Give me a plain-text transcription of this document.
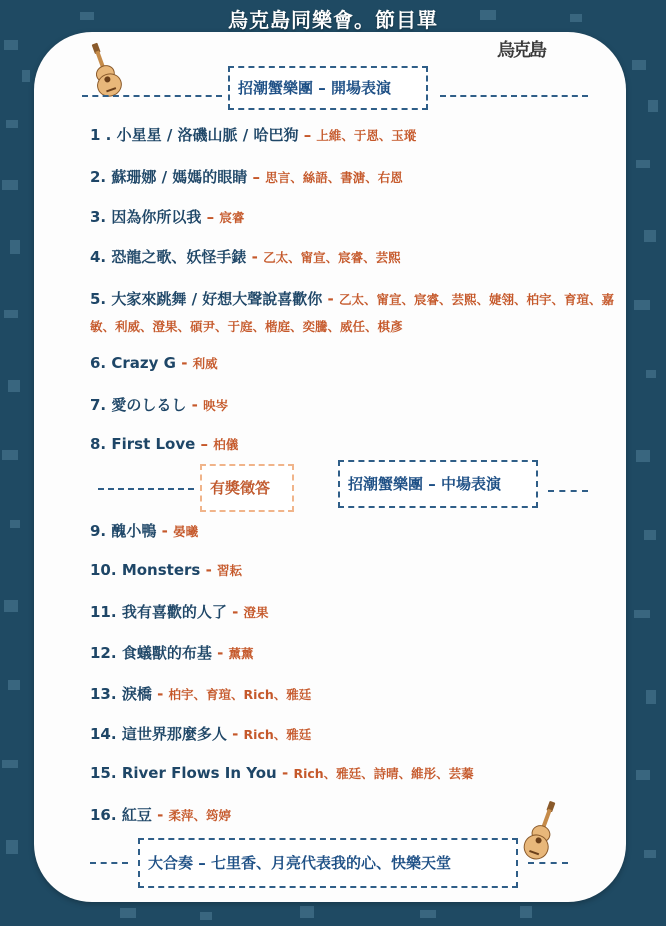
烏克島同樂會。節目單
烏克島
招潮蟹樂團 – 開場表演
1 . 小星星 / 洛磯山脈 / 哈巴狗 – 上維、于恩、玉瑽
2. 蘇珊娜 / 媽媽的眼睛 – 思言、絲語、書溏、右恩
3. 因為你所以我 – 宸睿
4. 恐龍之歌、妖怪手錶 - 乙太、甯宣、宸睿、芸熙
5. 大家來跳舞 / 好想大聲說喜歡你 - 乙太、甯宣、宸睿、芸熙、婕翎、柏宇、育瑄、嘉敏、利威、澄果、碩尹、于庭、楷庭、奕騰、威任、棋彥
6. Crazy G - 利威
7. 愛のしるし - 映岑
8. First Love – 柏儀
有獎徵答	招潮蟹樂團 – 中場表演
9. 醜小鴨 - 晏曦
10. Monsters - 習耘
11. 我有喜歡的人了 - 澄果
12. 食蟻獸的布基 - 薰薰
13. 淚橋 - 柏宇、育瑄、Rich、雅廷
14. 這世界那麼多人 - Rich、雅廷
15. River Flows In You - Rich、雅廷、詩晴、維彤、芸蓁
16. 紅豆 - 柔萍、筠婷
大合奏 – 七里香、月亮代表我的心、快樂天堂
